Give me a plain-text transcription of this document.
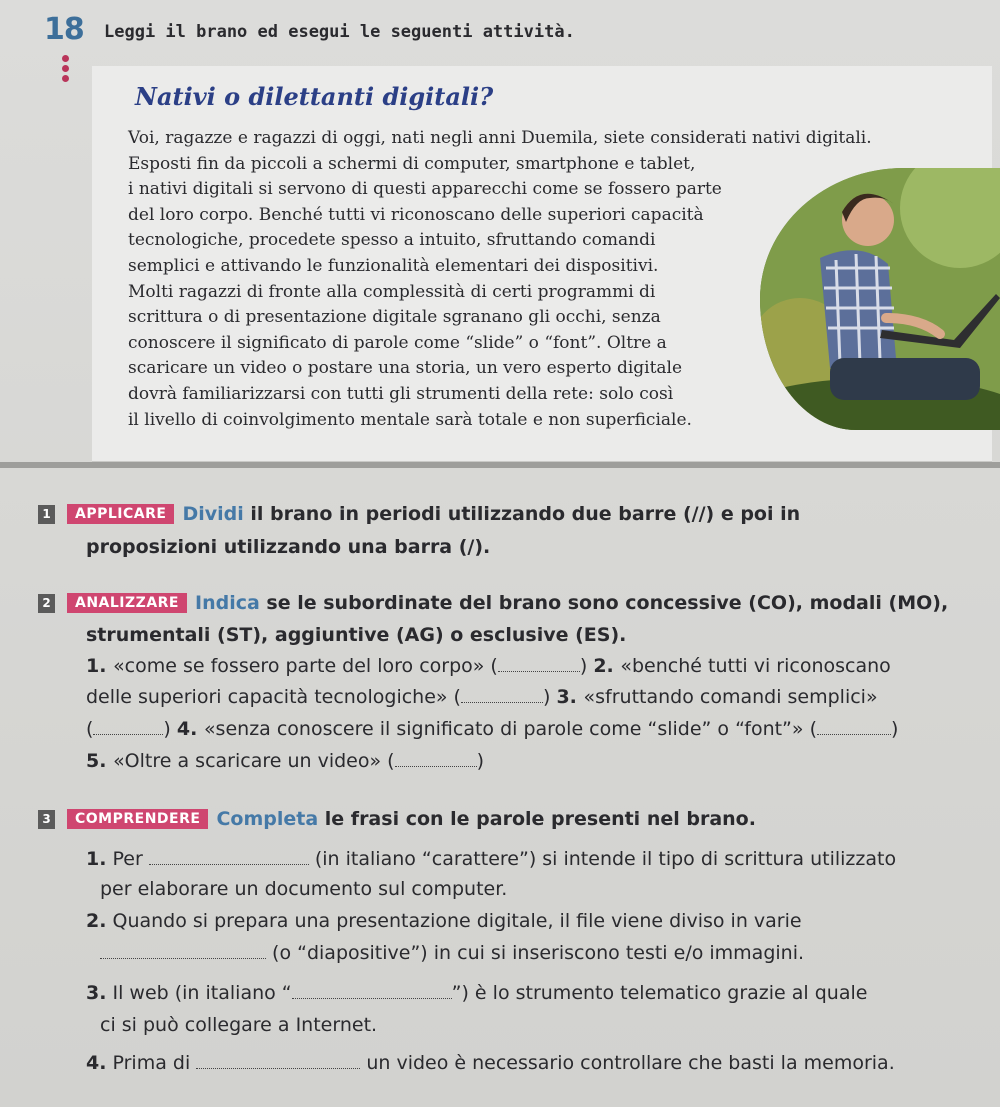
18 Leggi il brano ed esegui le seguenti attività.
Nativi o dilettanti digitali?
Voi, ragazze e ragazzi di oggi, nati negli anni Duemila, siete considerati nativi digitali.
Esposti fin da piccoli a schermi di computer, smartphone e tablet,
i nativi digitali si servono di questi apparecchi come se fossero parte
del loro corpo. Benché tutti vi riconoscano delle superiori capacità
tecnologiche, procedete spesso a intuito, sfruttando comandi
semplici e attivando le funzionalità elementari dei dispositivi.
Molti ragazzi di fronte alla complessità di certi programmi di
scrittura o di presentazione digitale sgranano gli occhi, senza
conoscere il significato di parole come “slide” o “font”. Oltre a
scaricare un video o postare una storia, un vero esperto digitale
dovrà familiarizzarsi con tutti gli strumenti della rete: solo così
il livello di coinvolgimento mentale sarà totale e non superficiale.
1 APPLICARE Dividi il brano in periodi utilizzando due barre (//) e poi in
proposizioni utilizzando una barra (/).
2 ANALIZZARE Indica se le subordinate del brano sono concessive (CO), modali (MO),
strumentali (ST), aggiuntive (AG) o esclusive (ES).
1. «come se fossero parte del loro corpo» (	) 2. «benché tutti vi riconoscano
delle superiori capacità tecnologiche» (	) 3. «sfruttando comandi semplici»
(	) 4. «senza conoscere il significato di parole come “slide” o “font”» (	)
5. «Oltre a scaricare un video» (	)
3 COMPRENDERE Completa le frasi con le parole presenti nel brano.
1. Per	(in italiano “carattere”) si intende il tipo di scrittura utilizzato
per elaborare un documento sul computer.
2. Quando si prepara una presentazione digitale, il file viene diviso in varie
(o “diapositive”) in cui si inseriscono testi e/o immagini.
3. Il web (in italiano “	”) è lo strumento telematico grazie al quale
ci si può collegare a Internet.
4. Prima di	un video è necessario controllare che basti la memoria.
